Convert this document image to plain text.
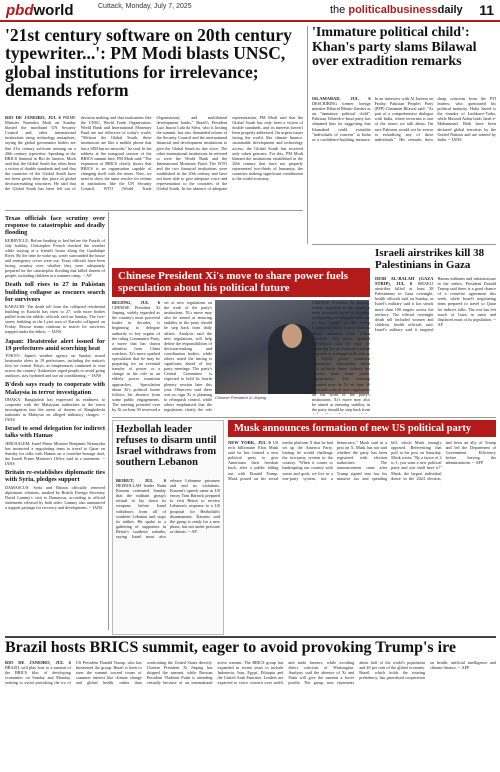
pbdworld	Cuttack, Monday, July 7, 2025	the politicalbusinessdaily 11
'21st century software on 20th century typewriter...': PM Modi blasts UNSC, global institutions for irrelevance; demands reform
RIO DE JANEIRO, JUL 6 PRIME Minister Narendra Modi on Sunday blasted the moribund UN Security Council and other international institutions using technology metaphors, saying the global governance bodies are like 21st century software running on a 20th century typewriter. Speaking at the BRICS Summit in Rio de Janeiro, Modi said that the Global South has often been a victim of double standards and said that the countries of the Global South have not been given their due place in global decision-making structures. He said that the Global South has been left out of decision making and that institutions like the UNSC, World Trade Organisation, World Bank and International Monetary Fund are not reflective of today's world. "Without the Global South, these institutions are like a mobile phone that has a SIM but no network," he said. In his address at the inaugural session of the BRICS summit here, PM Modi said: "The expansion of BRICS clearly shows that BRICS is an organisation capable of changing itself with the times. Now, we need to show the same resolve for reform in institutions like the UN Security Council, WTO (World Trade Organisation), and multilateral development banks." Brazil's President Luiz Inacio Lula da Silva, who is hosting the summit, has also demanded reform of the Security Council and the international financial and development institutions to give the Global South its due voice. The other international institutions he referred to were the World Bank and the International Monetary Fund. The WTO and the two financial institutions were established in the 20th century and have not been able to give adequate voice and representation to the countries of the Global South. In the absence of adequate representation, PM Modi said that the Global South has only been a victim of double standards, and its interests haven't been properly addressed. On urgent issues facing the world, like climate finance, sustainable development and technology access, the Global South has received only token gestures. For this, PM Modi blamed the institutions established in the 20th century that have not properly represented two-thirds of humanity, the countries making significant contribution to the world economy.
Texas officials face scrutiny over response to catastrophic and deadly flooding
KERRVILLE: Before heading to bed before the Fourth of July holiday, Christopher French checked the weather while staying at a friend's house along the Guadalupe River. By the time he woke up, water surrounded the house and emergency crews were out. Texas officials have been facing scrutiny over whether they were adequately prepared for the catastrophic flooding that killed dozens of people, including children at a summer camp. -- AP
Death toll rises to 27 in Pakistan building collapse as rescuers search for survivors
KARACHI: The death toll from the collapsed residential building in Karachi has risen to 27, with more bodies pulled from the rubble, officials said on Sunday. The five-storey building in the Lyari area of Karachi collapsed on Friday. Rescue teams continue to search for survivors trapped under the debris. -- IANS
Japan: Heatstroke alert issued for 19 prefectures amid scorching heat
TOKYO: Japan's weather agency on Sunday issued heatstroke alerts in 19 prefectures, including the nation's first for central Tokyo, as temperatures continued to soar across the country. Authorities urged people to avoid going outdoors, stay hydrated and use air conditioning. -- IANS
B'desh says ready to cooperate with Malaysia in terror investigation
DHAKA: Bangladesh has expressed its readiness to cooperate with the Malaysian authorities in the terror investigation into the arrest of dozens of Bangladeshi nationals in Malaysia on alleged militancy charges. -- IANS
Israel to send delegation for indirect talks with Hamas
JERUSALEM: Israel Prime Minister Benjamin Netanyahu has instructed a negotiating team to travel to Qatar on Sunday for talks with Hamas on a ceasefire-hostage deal, the Israeli Prime Minister's Office said in a statement. -- IANS
Britain re-establishes diplomatic ties with Syria, pledges support
DAMASCUS: Syria and Britain officially renewed diplomatic relations, marked by British Foreign Secretary David Lammy's visit to Damascus, according to official statements released by both sides. Lammy also announced a support package for recovery and development. -- IANS
'Immature political child': Khan's party slams Bilawal over extradition remarks
ISLAMABAD, JUL 6 DESCRIBING former foreign minister Bilawal Bhutto-Zardari as an "immature political child", Pakistan Tehreek-e-Insaf party has slammed him for suggesting that Islamabad could extradite "individuals of concern" to India as a confidence-building measure. In an interview with Al Jazeera on Friday, Pakistan Peoples Party (PPP) Chairman Bilawal said: "As part of a comprehensive dialogue with India, where terrorism is one of the issues we talk about, I'm sure Pakistan would not be averse to extraditing any of these individuals." His remarks drew sharp criticism from the PTI leaders, who questioned his political maturity. Hafiz Saeed is the founder of Lashkar-e-Taiba, while Masood Azhar leads Jaish-e-Mohammad. Both have been declared global terrorists by the United Nations and are wanted by India. -- IANS
Israeli airstrikes kill 38 Palestinians in Gaza
DEIR AL-BALAH (GAZA STRIP), JUL 6 ISRAELI airstrikes killed at least 38 Palestinians in Gaza overnight, health officials said on Sunday, as Israel's military said it has struck more than 100 targets across the territory. The official overnight death toll included women and children, health officials said. Israel's military said it targeted Hamas militants and infrastructure in the strikes. President Donald Trump said there is a good chance of a ceasefire agreement this week, while Israel's negotiating team prepared to travel to Qatar for indirect talks. The war has left much of Gaza in ruins and displaced most of its population. -- AP
Chinese President Xi's move to share power fuels speculation about his political future
Chinese President Xi Jinping
BEIJING, JUL 6 CHINESE President Xi Jinping, widely regarded as the country's most powerful leader in decades, is beginning to delegate authority to key organs of the ruling Communist Party, a move that has drawn attention from China watchers. Xi's move sparked speculation that he may be preparing for an eventual transfer of power or a change in his role as an elderly power transition approaches. Speculation about Xi's political future follows his absence from some public engagements. The meeting presided over by Xi on June 30 reviewed a set of new regulations on the work of the party's institutions. Xi's move may also be aimed at ensuring stability in the party should he step back from daily affairs. Analysts said the new regulations will help define the responsibilities of decision-making and coordination bodies, while others noted the timing is significant ahead of key party meetings. The party's Central Committee is expected to hold its fourth plenary session later this year. Observers said there was no sign Xi is planning to relinquish control, while others emphasised that the regulations clarify the role
CHINESE President Xi Jinping, widely regarded as the country's most powerful leader in decades, is beginning to delegate authority to key organs of the ruling Communist Party, a move that has drawn attention from China watchers. Xi's move sparked speculation that he may be preparing for an eventual transfer of power or a change in his role as an elderly power transition approaches. Speculation about Xi's political future follows his absence from some public engagements. The meeting presided over by Xi on June 30 reviewed a set of new regulations on the work of the party's institutions. Xi's move may also be aimed at ensuring stability in the party should he step back from
Hezbollah leader refuses to disarm until Israel withdraws from southern Lebanon
BEIRUT, JUL 6 HEZBOLLAH leader Naim Kassem reiterated Sunday that the militant group's refusal to lay down its weapons before Israel withdraws from all of southern Lebanon and stops its strikes. He spoke to a gathering of supporters in Beirut's southern suburbs, saying Israel must also release Lebanese prisoners and end its violations. Kassem's speech came as US envoy Tom Barrack prepared to visit Beirut to receive Lebanon's response to a US proposal for Hezbollah's disarmament. Kassem said the group is ready for a new phase, but not under pressure or threats. -- AP
Musk announces formation of new US political party
NEW YORK, JUL 6 US tech billionaire Elon Musk said he has formed a new political party to give Americans their freedom back, after a public falling out with Donald Trump. Musk posted on his social media platform X that he had set up the America Party, hinting he would challenge the two-party system in the country. "When it comes to bankrupting our country with waste and graft, we live in a one-party system, not a democracy," Musk said in a post on X. Musk has not said whether the party has been registered with election authorities. The announcement came after Trump signed into law his massive tax and spending bill, which Musk strongly opposed. Referencing that poll in his post on Saturday, Musk wrote: "By a factor of 2 to 1, you want a new political party and you shall have it!" Musk, the largest individual donor in the 2024 election, had been an ally of Trump and led the Department of Government Efficiency before leaving the administration. -- AFP
Brazil hosts BRICS summit, eager to avoid provoking Trump's ire
RIO DE JANEIRO, JUL 6 BRAZIL will play host to a summit of the BRICS bloc of developing economies on Sunday and Monday, seeking to avoid provoking the ire of US President Donald Trump, who has threatened the group. Brazil is keen to steer the summit toward issues of common interest like climate change and global health, rather than confronting the United States directly. Chinese President Xi Jinping has skipped the summit, while Russian President Vladimir Putin is attending virtually because of an international arrest warrant. The BRICS group has expanded in recent years to include Indonesia, Iran, Egypt, Ethiopia and the United Arab Emirates. Leaders are expected to voice concern over tariffs and trade barriers, while avoiding direct criticism of Washington. Analysts said the absence of Xi and Putin will give the summit a lower profile. The group now represents about half of the world's population and 40 per cent of the global economy. Brazil, which holds the rotating presidency, has prioritised cooperation on health, artificial intelligence and climate finance. -- AFP
